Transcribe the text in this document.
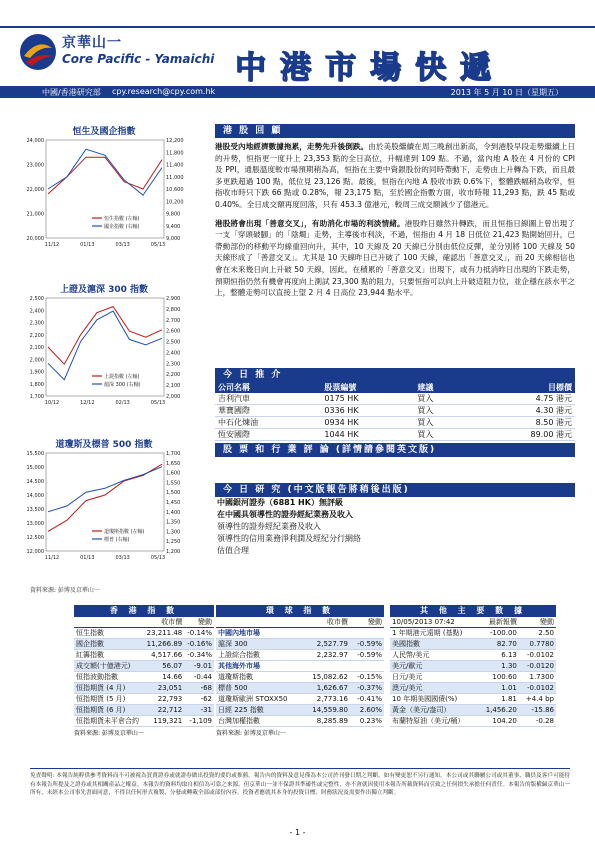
京華山一
Core Pacific - Yamaichi 中港市場快遞
中國/香港研究部 cpy.research@cpy.com.hk	2013 年 5 月 10 日（星期五）
恒生及國企指數
24,000
23,000
22,000
21,000
20,000
12,200
11,800
11,400
11,000
10,600
10,200
9,800
9,400
9,000
11/12	01/13	03/13	05/13
恒生指數 (左軸)
國企指數 (右軸)
上證及滬深 300 指數
2,500
2,400
2,300
2,200
2,100
2,000
1,900
1,800
1,700
2,900
2,800
2,700
2,600
2,500
2,400
2,300
2,200
2,100
2,000
10/12	12/12	02/13	05/13
上證指數 (左軸)
滬深 300 (右軸)
道瓊斯及標普 500 指數
15,500
15,000
14,500
14,000
13,500
13,000
12,500
12,000
1,700
1,650
1,600
1,550
1,500
1,450
1,400
1,350
1,300
1,250
1,200
11/12	01/13	03/13	05/13
道瓊斯指數 (左軸)
標普 (右軸)
資料來源: 彭博及京華山一
港 股 回 顧

港股受內地經濟數據拖累，走勢先升後倒跌。由於美股繼續在周三晚創出新高，令到港股早段走勢繼續上日的升勢，恒指更一度升上 23,353 點的全日高位，升幅達到 109 點。不過，當內地 A 股在 4 月份的 CPI 及 PPI，通脹溫度較市場預期稍為高，恒指在主要中資銀股份的同時帶動下，走勢由上升轉為下跌，而且最多更跌超過 100 點，低位見 23,126 點。最後，恒指在內地 A 股收市跌 0.6%下，整體跌幅稍為收窄，恒指收市時只下跌 66 點或 0.28%，報 23,175 點，至於國企指數方面，收市時報 11,293 點，跌 45 點或 0.40%。全日成交額再度回落，只有 453.3 億港元，較周三成交額減少了億港元。

港股將會出現「善意交叉」，有助消化市場的利淡情緒。港股昨日雖然升轉跌，而且恒指日線圖上曾出現了一支「穿頭破腳」的「陰燭」走勢，主導後市利淡，不過，恒指由 4 月 18 日低位 21,423 點開始回升，已帶動部份的移動平均線重回向升，其中，10 天線及 20 天線已分別由低位反彈，並分別將 100 天線及 50 天線形成了「善意交叉」。尤其是 10 天線昨日已升破了 100 天線，確認出「善意交叉」，而 20 天線相信也會在未來幾日向上升破 50 天線，因此，在積累的「善意交叉」出現下，或有力抵消昨日出現的下跌走勢，預期恒指仍然有機會再度向上測試 23,300 點的阻力，只要恒指可以向上升破這阻力位，並企穩在該水平之上，整體走勢可以直接上望 2 月 4 日高位 23,944 點水平。

今 日 推 介
公司名稱	股票編號	建議	目標價
吉利汽車	0175 HK	買入	4.75 港元
華寶國際	0336 HK	買入	4.30 港元
中石化煉油	0934 HK	買入	8.50 港元
恆安國際	1044 HK	買入	89.00 港元
股 票 和 行 業 評 論 (詳情請參閱英文版)
今 日 研 究 (中文版報告將稍後出版)
中國銀河證券（6881 HK）無評級
在中國具領導性的證券經紀業務及收入
領導性的證券經紀業務及收入
領導性的信用業務淨利潤及經紀分行網絡
估值合理
香 港 指 數
	收市價	變動
恒生指數	23,211.48	-0.14%
國企指數	11,266.89	-0.16%
紅籌指數	4,517.66	-0.34%
成交額(十億港元)	56.07	-9.01
恒指波動指數	14.66	-0.44
恒指期貨 (4 月)	23,051	-68
恒指期貨 (5 月)	22,793	-62
恒指期貨 (6 月)	22,712	-31
恒指期貨未平倉合約	119,321	-1,109
資料來源: 彭博及京華山一
環 球 指 數
	收市價	變動
中國內地市場		
滬深 300	2,527.79	-0.59%
上證綜合指數	2,232.97	-0.59%
其他海外市場		
道瓊斯指數	15,082.62	-0.15%
標普 500	1,626.67	-0.37%
道瓊斯歐洲 STOXX50	2,773.16	-0.41%
日經 225 指數	14,559.80	2.60%
台灣加權指數	8,285.89	0.23%
資料來源: 彭博及京華山一
其 他 主 要 數 據
10/05/2013 07:42	最新報價	變動
1 年期港元遠期 (基點)	-100.00	2.50
美國指數	82.70	0.7780
人民幣/美元	6.13	-0.0102
美元/歐元	1.30	-0.0120
日元/美元	100.60	1.7300
澳元/美元	1.01	-0.0102
10 年期美國國債(%)	1.81	+4.4 bp
黃金（美元/盎司）	1,456.20	-15.86
布蘭特原油（美元/桶）	104.20	-0.28
免責聲明: 本報告純粹供參考資料而不可被視為買賣證券或就證券做出投資的要約或推薦。報告內的資料及意見僅為本公司於刊發日期之判斷，如有變更恕不另行通知。本公司或其聯屬公司或其董事、職員及客戶可能持有本報告所提及之證券或其相關產品之權益。本報告的資料均取自相信為可靠之來源，但京華山一並不保證其準確性或完整性，亦不會就因使用本報告所載資料而引致之任何損失承擔任何責任。本報告的版權歸京華山一所有，未經本公司事先書面同意，不得以任何形式複製、分發或轉載全部或部份內容。投資者應就其本身的投資目標、財務狀況及需要作出獨立判斷。
- 1 -
